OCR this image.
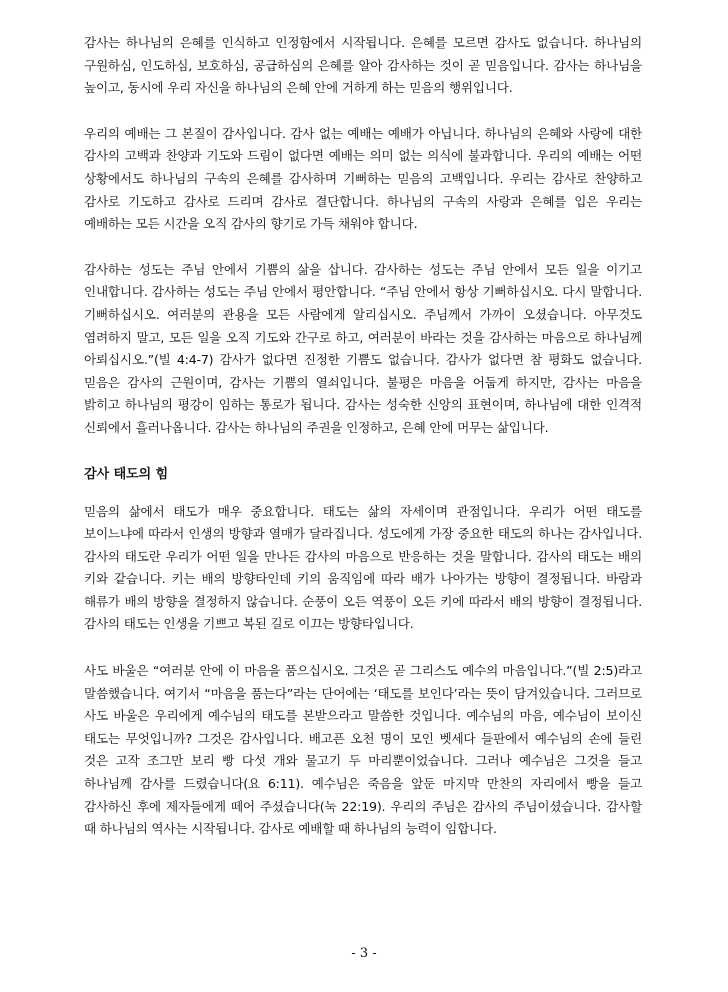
감사는 하나님의 은혜를 인식하고 인정함에서 시작됩니다. 은혜를 모르면 감사도 없습니다. 하나님의 구원하심, 인도하심, 보호하심, 공급하심의 은혜를 알아 감사하는 것이 곧 믿음입니다. 감사는 하나님을 높이고, 동시에 우리 자신을 하나님의 은혜 안에 거하게 하는 믿음의 행위입니다.

우리의 예배는 그 본질이 감사입니다. 감사 없는 예배는 예배가 아닙니다. 하나님의 은혜와 사랑에 대한 감사의 고백과 찬양과 기도와 드림이 없다면 예배는 의미 없는 의식에 불과합니다. 우리의 예배는 어떤 상황에서도 하나님의 구속의 은혜를 감사하며 기뻐하는 믿음의 고백입니다. 우리는 감사로 찬양하고 감사로 기도하고 감사로 드리며 감사로 결단합니다. 하나님의 구속의 사랑과 은혜를 입은 우리는 예배하는 모든 시간을 오직 감사의 향기로 가득 채워야 합니다.

감사하는 성도는 주님 안에서 기쁨의 삶을 삽니다. 감사하는 성도는 주님 안에서 모든 일을 이기고 인내합니다. 감사하는 성도는 주님 안에서 평안합니다. “주님 안에서 항상 기뻐하십시오. 다시 말합니다. 기뻐하십시오. 여러분의 관용을 모든 사람에게 알리십시오. 주님께서 가까이 오셨습니다. 아무것도 염려하지 말고, 모든 일을 오직 기도와 간구로 하고, 여러분이 바라는 것을 감사하는 마음으로 하나님께 아뢰십시오.”(빌 4:4-7) 감사가 없다면 진정한 기쁨도 없습니다. 감사가 없다면 참 평화도 없습니다. 믿음은 감사의 근원이며, 감사는 기쁨의 열쇠입니다. 불평은 마음을 어둡게 하지만, 감사는 마음을 밝히고 하나님의 평강이 임하는 통로가 됩니다. 감사는 성숙한 신앙의 표현이며, 하나님에 대한 인격적 신뢰에서 흘러나옵니다. 감사는 하나님의 주권을 인정하고, 은혜 안에 머무는 삶입니다.

감사 태도의 힘

믿음의 삶에서 태도가 매우 중요합니다. 태도는 삶의 자세이며 관점입니다. 우리가 어떤 태도를 보이느냐에 따라서 인생의 방향과 열매가 달라집니다. 성도에게 가장 중요한 태도의 하나는 감사입니다. 감사의 태도란 우리가 어떤 일을 만나든 감사의 마음으로 반응하는 것을 말합니다. 감사의 태도는 배의 키와 같습니다. 키는 배의 방향타인데 키의 움직임에 따라 배가 나아가는 방향이 결정됩니다. 바람과 해류가 배의 방향을 결정하지 않습니다. 순풍이 오든 역풍이 오든 키에 따라서 배의 방향이 결정됩니다. 감사의 태도는 인생을 기쁘고 복된 길로 이끄는 방향타입니다.

사도 바울은 “여러분 안에 이 마음을 품으십시오. 그것은 곧 그리스도 예수의 마음입니다.”(빌 2:5)라고 말씀했습니다. 여기서 “마음을 품는다”라는 단어에는 ‘태도를 보인다’라는 뜻이 담겨있습니다. 그러므로 사도 바울은 우리에게 예수님의 태도를 본받으라고 말씀한 것입니다. 예수님의 마음, 예수님이 보이신 태도는 무엇입니까? 그것은 감사입니다. 배고픈 오천 명이 모인 벳세다 들판에서 예수님의 손에 들린 것은 고작 조그만 보리 빵 다섯 개와 물고기 두 마리뿐이었습니다. 그러나 예수님은 그것을 들고 하나님께 감사를 드렸습니다(요 6:11). 예수님은 죽음을 앞둔 마지막 만찬의 자리에서 빵을 들고 감사하신 후에 제자들에게 떼어 주셨습니다(눅 22:19). 우리의 주님은 감사의 주님이셨습니다. 감사할 때 하나님의 역사는 시작됩니다. 감사로 예배할 때 하나님의 능력이 임합니다.

- 3 -
